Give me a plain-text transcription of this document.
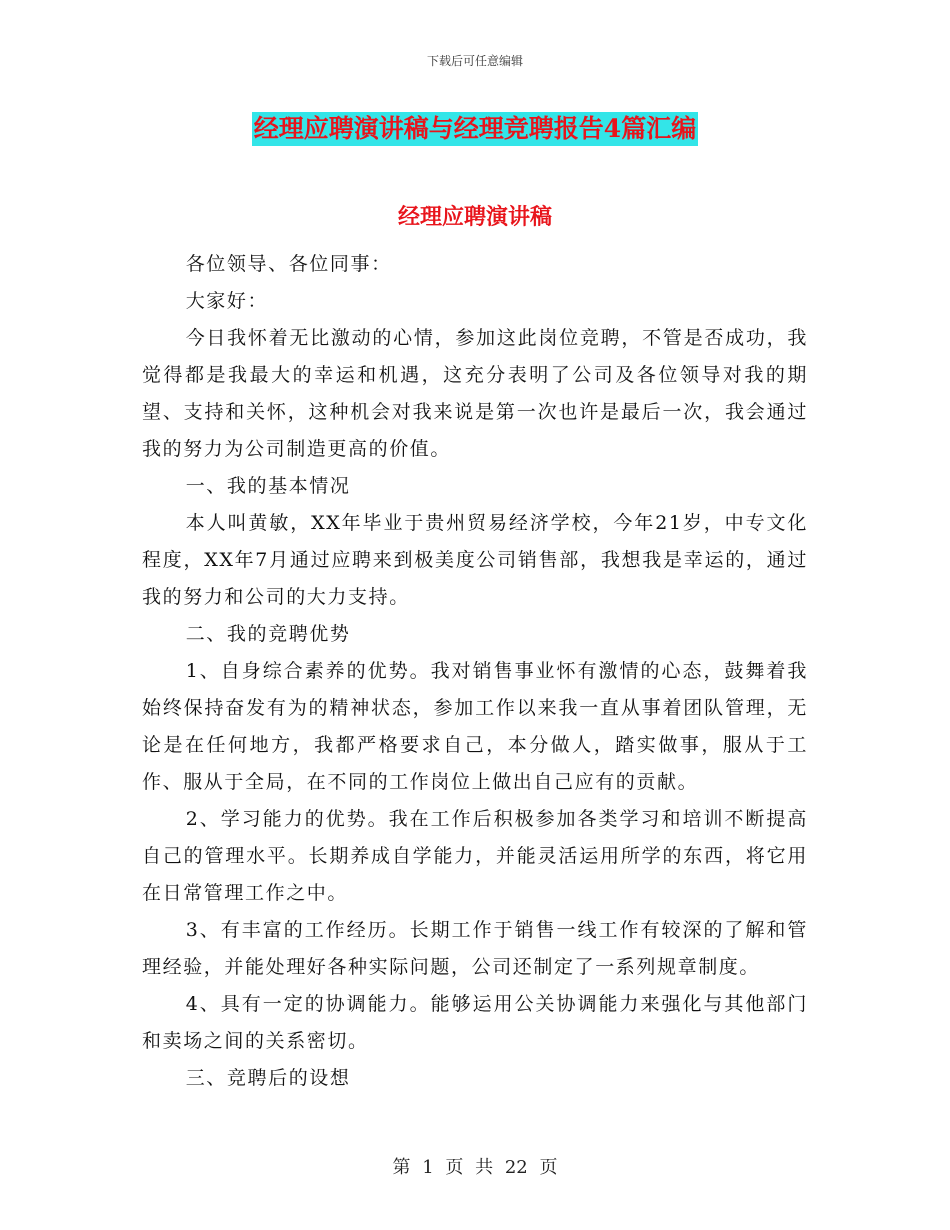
下载后可任意编辑
经理应聘演讲稿与经理竞聘报告4篇汇编
经理应聘演讲稿

各位领导、各位同事：

大家好：

今日我怀着无比激动的心情，参加这此岗位竞聘，不管是否成功，我觉得都是我最大的幸运和机遇，这充分表明了公司及各位领导对我的期望、支持和关怀，这种机会对我来说是第一次也许是最后一次，我会通过我的努力为公司制造更高的价值。

一、我的基本情况

本人叫黄敏，XX年毕业于贵州贸易经济学校，今年21岁，中专文化程度，XX年7月通过应聘来到极美度公司销售部，我想我是幸运的，通过我的努力和公司的大力支持。

二、我的竞聘优势

1、自身综合素养的优势。我对销售事业怀有激情的心态，鼓舞着我始终保持奋发有为的精神状态，参加工作以来我一直从事着团队管理，无论是在任何地方，我都严格要求自己，本分做人，踏实做事，服从于工作、服从于全局，在不同的工作岗位上做出自己应有的贡献。

2、学习能力的优势。我在工作后积极参加各类学习和培训不断提高自己的管理水平。长期养成自学能力，并能灵活运用所学的东西，将它用在日常管理工作之中。

3、有丰富的工作经历。长期工作于销售一线工作有较深的了解和管理经验，并能处理好各种实际问题，公司还制定了一系列规章制度。

4、具有一定的协调能力。能够运用公关协调能力来强化与其他部门和卖场之间的关系密切。

三、竞聘后的设想

第 1 页 共 22 页
